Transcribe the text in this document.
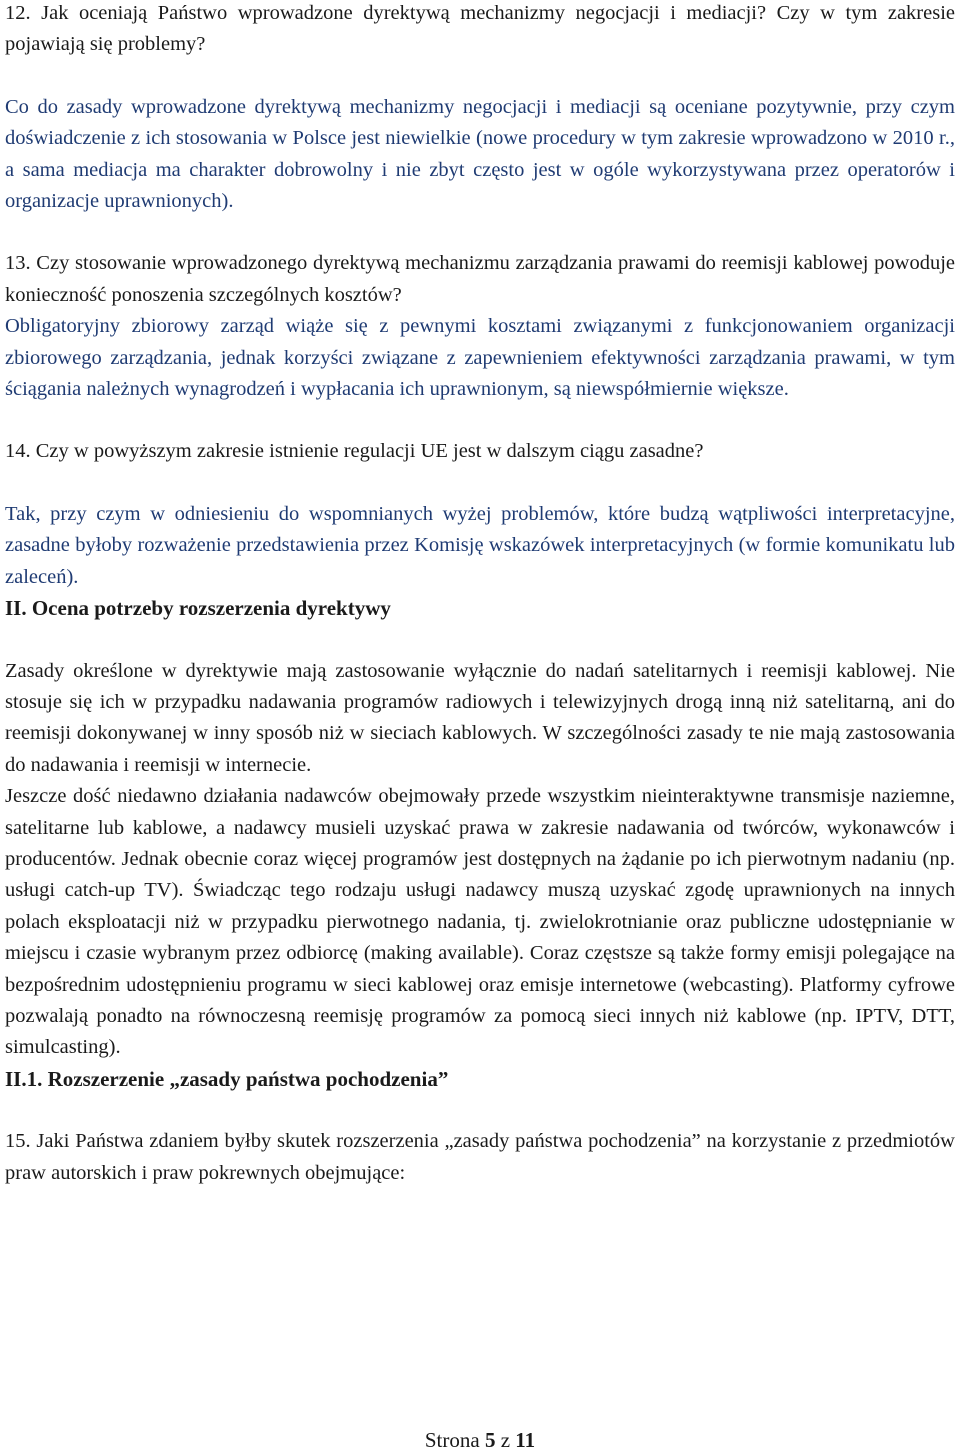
12. Jak oceniają Państwo wprowadzone dyrektywą mechanizmy negocjacji i mediacji? Czy w tym zakresie pojawiają się problemy?

Co do zasady wprowadzone dyrektywą mechanizmy negocjacji i mediacji są oceniane pozytywnie, przy czym doświadczenie z ich stosowania w Polsce jest niewielkie (nowe procedury w tym zakresie wprowadzono w 2010 r., a sama mediacja ma charakter dobrowolny i nie zbyt często jest w ogóle wykorzystywana przez operatorów i organizacje uprawnionych).

13. Czy stosowanie wprowadzonego dyrektywą mechanizmu zarządzania prawami do reemisji kablowej powoduje konieczność ponoszenia szczególnych kosztów?

Obligatoryjny zbiorowy zarząd wiąże się z pewnymi kosztami związanymi z funkcjonowaniem organizacji zbiorowego zarządzania, jednak korzyści związane z zapewnieniem efektywności zarządzania prawami, w tym ściągania należnych wynagrodzeń i wypłacania ich uprawnionym, są niewspółmiernie większe.

14. Czy w powyższym zakresie istnienie regulacji UE jest w dalszym ciągu zasadne?

Tak, przy czym w odniesieniu do wspomnianych wyżej problemów, które budzą wątpliwości interpretacyjne, zasadne byłoby rozważenie przedstawienia przez Komisję wskazówek interpretacyjnych (w formie komunikatu lub zaleceń).

II. Ocena potrzeby rozszerzenia dyrektywy

Zasady określone w dyrektywie mają zastosowanie wyłącznie do nadań satelitarnych i reemisji kablowej. Nie stosuje się ich w przypadku nadawania programów radiowych i telewizyjnych drogą inną niż satelitarną, ani do reemisji dokonywanej w inny sposób niż w sieciach kablowych. W szczególności zasady te nie mają zastosowania do nadawania i reemisji w internecie.

Jeszcze dość niedawno działania nadawców obejmowały przede wszystkim nieinteraktywne transmisje naziemne, satelitarne lub kablowe, a nadawcy musieli uzyskać prawa w zakresie nadawania od twórców, wykonawców i producentów. Jednak obecnie coraz więcej programów jest dostępnych na żądanie po ich pierwotnym nadaniu (np. usługi catch-up TV). Świadcząc tego rodzaju usługi nadawcy muszą uzyskać zgodę uprawnionych na innych polach eksploatacji niż w przypadku pierwotnego nadania, tj. zwielokrotnianie oraz publiczne udostępnianie w miejscu i czasie wybranym przez odbiorcę (making available). Coraz częstsze są także formy emisji polegające na bezpośrednim udostępnieniu programu w sieci kablowej oraz emisje internetowe (webcasting). Platformy cyfrowe pozwalają ponadto na równoczesną reemisję programów za pomocą sieci innych niż kablowe (np. IPTV, DTT, simulcasting).

II.1. Rozszerzenie „zasady państwa pochodzenia”

15. Jaki Państwa zdaniem byłby skutek rozszerzenia „zasady państwa pochodzenia” na korzystanie z przedmiotów praw autorskich i praw pokrewnych obejmujące:

Strona 5 z 11
